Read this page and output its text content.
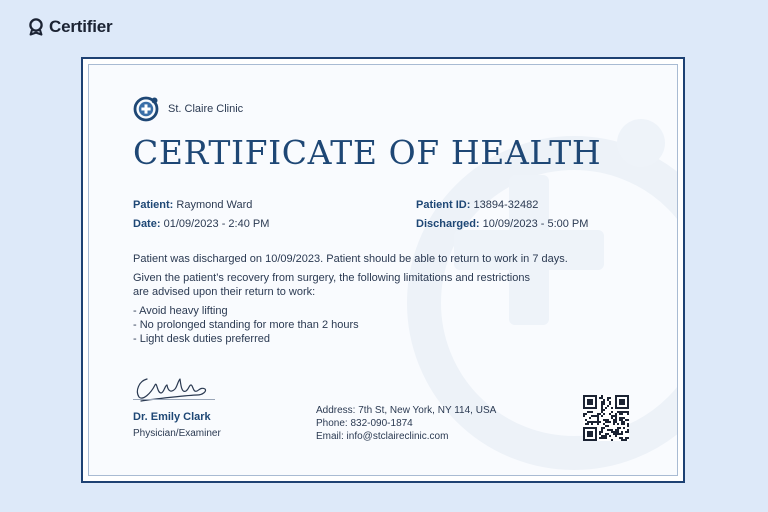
Certifier
St. Claire Clinic
CERTIFICATE OF HEALTH
Patient: Raymond Ward
Date: 01/09/2023 - 2:40 PM
Patient ID: 13894-32482
Discharged: 10/09/2023 - 5:00 PM
Patient was discharged on 10/09/2023. Patient should be able to return to work in 7 days.
Given the patient’s recovery from surgery, the following limitations and restrictions
are advised upon their return to work:
- Avoid heavy lifting
- No prolonged standing for more than 2 hours
- Light desk duties preferred
Dr. Emily Clark
Physician/Examiner
Address: 7th St, New York, NY 114, USA
Phone: 832-090-1874
Email: info@stclaireclinic.com
